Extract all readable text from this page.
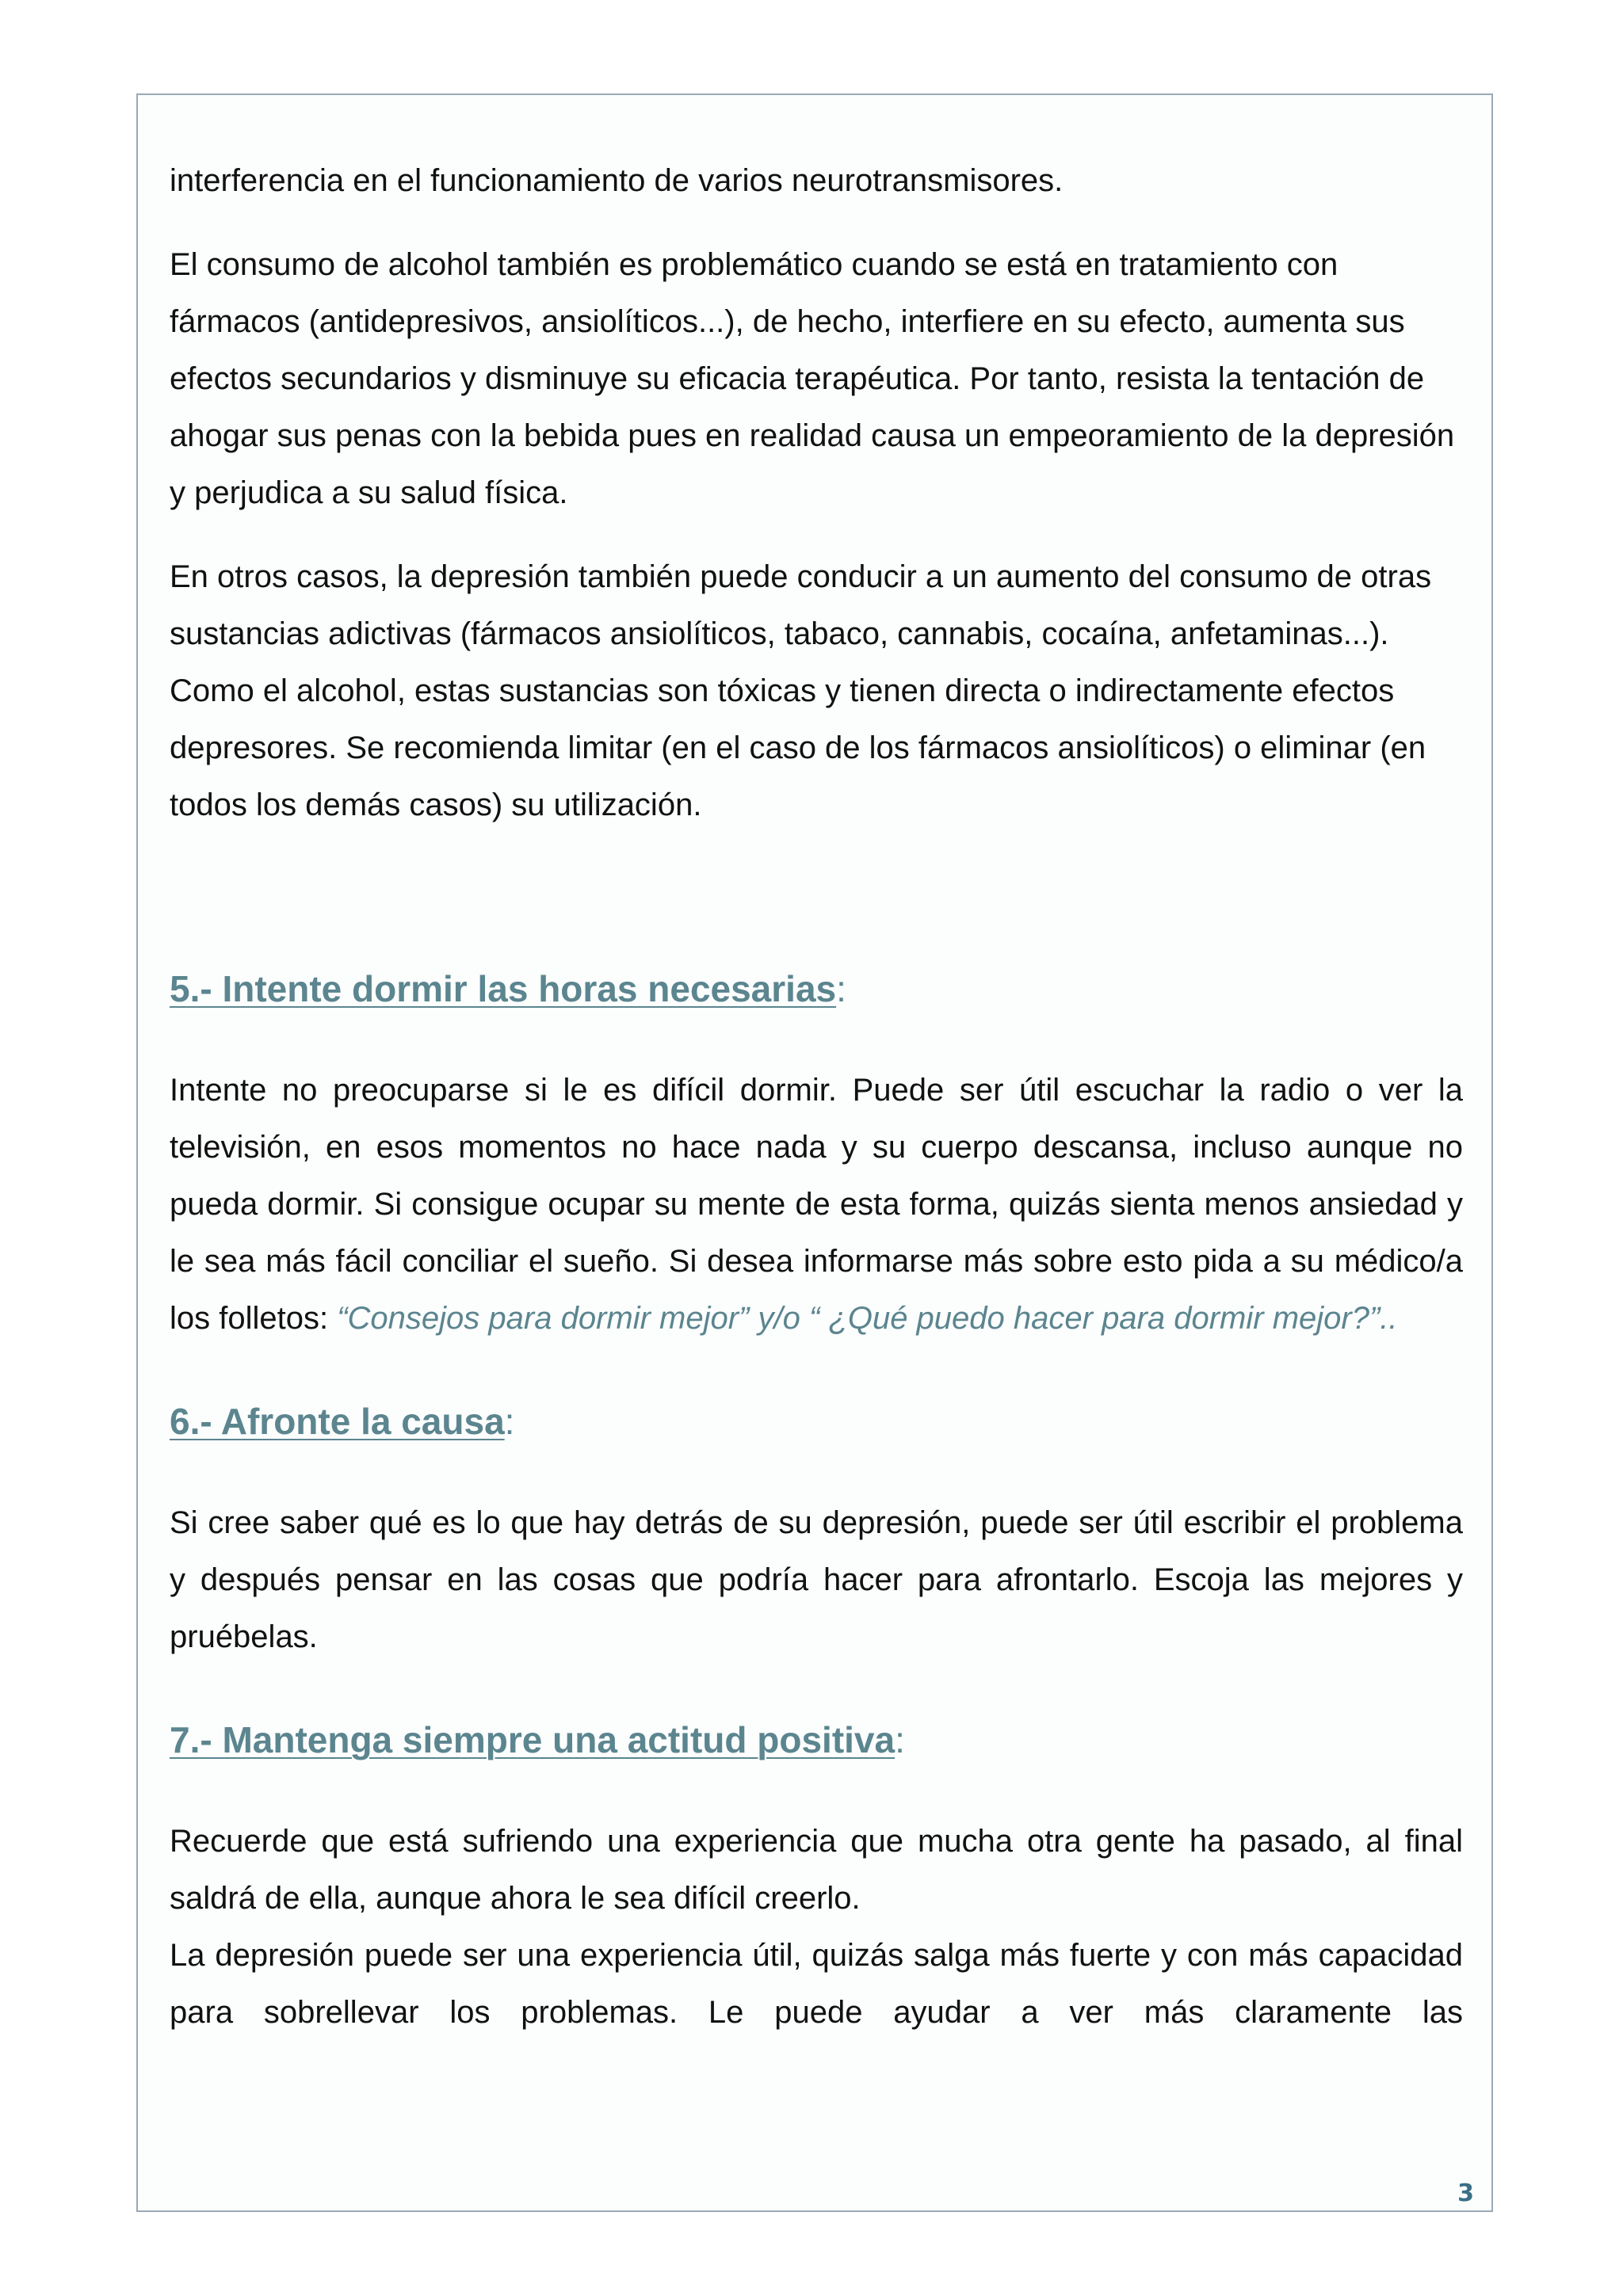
interferencia en el funcionamiento de varios neurotransmisores.

El consumo de alcohol también es problemático cuando se está en tratamiento con fármacos (antidepresivos, ansiolíticos...), de hecho, interfiere en su efecto, aumenta sus efectos secundarios y disminuye su eficacia terapéutica. Por tanto, resista la tentación de ahogar sus penas con la bebida pues en realidad causa un empeoramiento de la depresión y perjudica a su salud física.

En otros casos, la depresión también puede conducir a un aumento del consumo de otras sustancias adictivas (fármacos ansiolíticos, tabaco, cannabis, cocaína, anfetaminas...). Como el alcohol, estas sustancias son tóxicas y tienen directa o indirectamente efectos depresores. Se recomienda limitar (en el caso de los fármacos ansiolíticos) o eliminar (en todos los demás casos) su utilización.

5.- Intente dormir las horas necesarias:

Intente no preocuparse si le es difícil dormir. Puede ser útil escuchar la radio o ver la televisión, en esos momentos no hace nada y su cuerpo descansa, incluso aunque no pueda dormir. Si consigue ocupar su mente de esta forma, quizás sienta menos ansiedad y le sea más fácil conciliar el sueño. Si desea informarse más sobre esto pida a su médico/a los folletos: “Consejos para dormir mejor” y/o “ ¿Qué puedo hacer para dormir mejor?”..

6.- Afronte la causa:

Si cree saber qué es lo que hay detrás de su depresión, puede ser útil escribir el problema y después pensar en las cosas que podría hacer para afrontarlo. Escoja las mejores y pruébelas.

7.- Mantenga siempre una actitud positiva:

Recuerde que está sufriendo una experiencia que mucha otra gente ha pasado, al final saldrá de ella, aunque ahora le sea difícil creerlo.

La depresión puede ser una experiencia útil, quizás salga más fuerte y con más capacidad para sobrellevar los problemas. Le puede ayudar a ver más claramente las

3
